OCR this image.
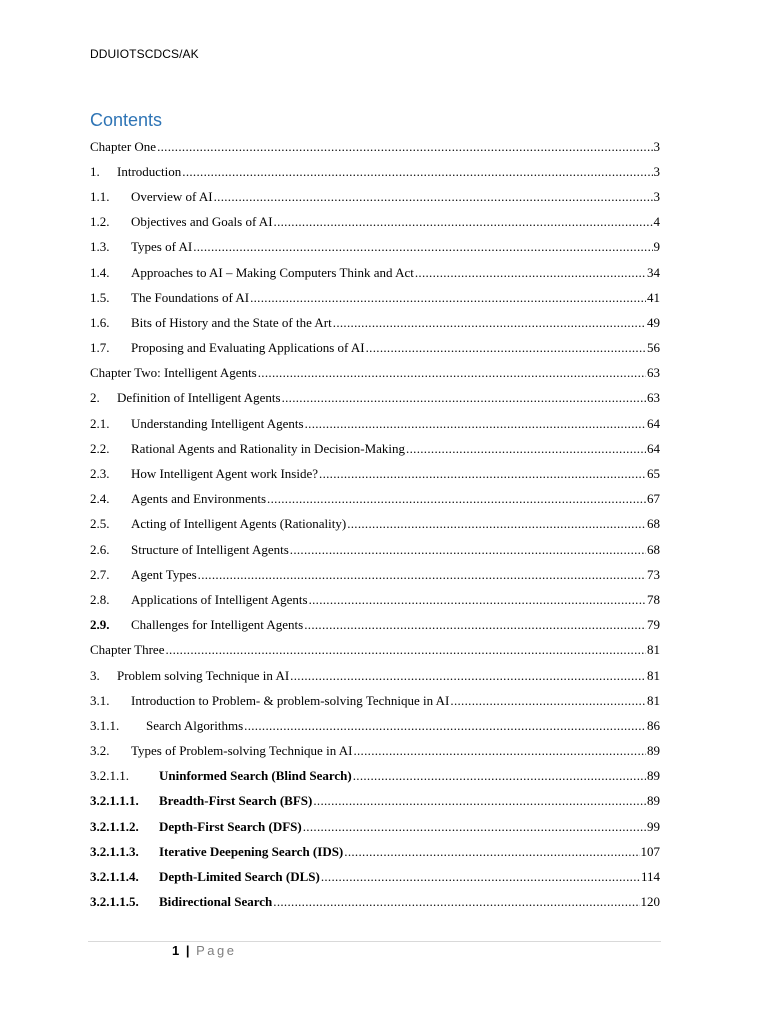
DDUIOTSCDCS/AK
Contents
Chapter One .....	3
1.	Introduction .....	3
1.1.	Overview of AI .....	3
1.2.	Objectives and Goals of AI .....	4
1.3.	Types of AI .....	9
1.4.	Approaches to AI – Making Computers Think and Act .....	34
1.5.	The Foundations of AI .....	41
1.6.	Bits of History and the State of the Art .....	49
1.7.	Proposing and Evaluating Applications of AI .....	56
Chapter Two: Intelligent Agents .....	63
2.	Definition of Intelligent Agents .....	63
2.1.	Understanding Intelligent Agents .....	64
2.2.	Rational Agents and Rationality in Decision-Making .....	64
2.3.	How Intelligent Agent work Inside? .....	65
2.4.	Agents and Environments .....	67
2.5.	Acting of Intelligent Agents (Rationality) .....	68
2.6.	Structure of Intelligent Agents .....	68
2.7.	Agent Types .....	73
2.8.	Applications of Intelligent Agents .....	78
2.9.	Challenges for Intelligent Agents .....	79
Chapter Three .....	81
3.	Problem solving Technique in AI .....	81
3.1.	Introduction to Problem- & problem-solving Technique in AI .....	81
3.1.1.	Search Algorithms .....	86
3.2.	Types of Problem-solving Technique in AI .....	89
3.2.1.1.	Uninformed Search (Blind Search) .....	89
3.2.1.1.1.	Breadth-First Search (BFS) .....	89
3.2.1.1.2.	Depth-First Search (DFS) .....	99
3.2.1.1.3.	Iterative Deepening Search (IDS) .....	107
3.2.1.1.4.	Depth-Limited Search (DLS) .....	114
3.2.1.1.5.	Bidirectional Search .....	120
1 | Page
